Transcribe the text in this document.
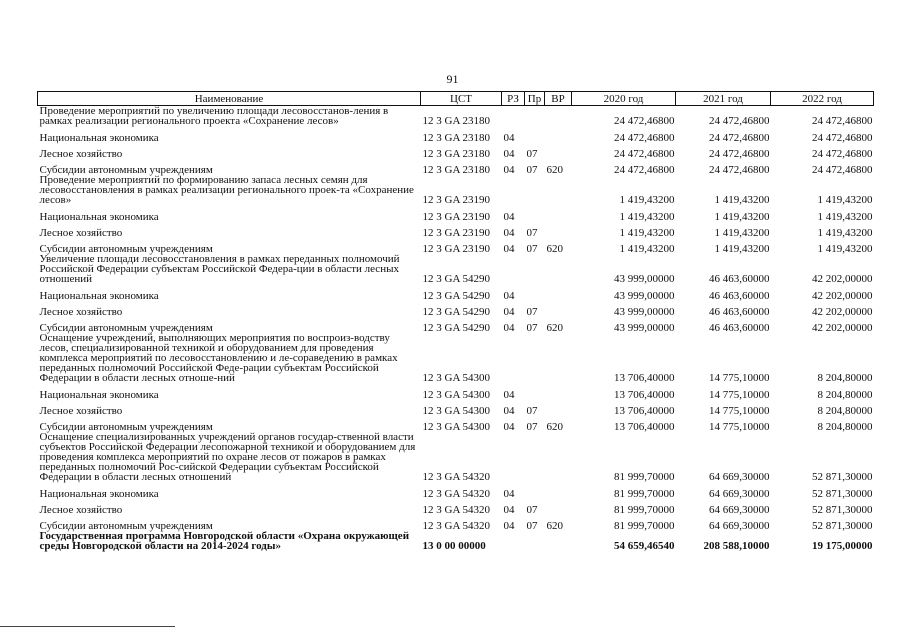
91
Наименование	ЦСТ	РЗ	Пр	ВР	2020 год	2021 год	2022 год
Проведение мероприятий по увеличению площади лесовосстанов-ления в рамках реализации регионального проекта «Сохранение лесов»	12 3 GA 23180				24 472,46800	24 472,46800	24 472,46800
Национальная экономика	12 3 GA 23180	04			24 472,46800	24 472,46800	24 472,46800
Лесное хозяйство	12 3 GA 23180	04	07		24 472,46800	24 472,46800	24 472,46800
Субсидии автономным учреждениям	12 3 GA 23180	04	07	620	24 472,46800	24 472,46800	24 472,46800
Проведение мероприятий по формированию запаса лесных семян для лесовосстановления в рамках реализации регионального проек-та «Сохранение лесов»	12 3 GA 23190				1 419,43200	1 419,43200	1 419,43200
Национальная экономика	12 3 GA 23190	04			1 419,43200	1 419,43200	1 419,43200
Лесное хозяйство	12 3 GA 23190	04	07		1 419,43200	1 419,43200	1 419,43200
Субсидии автономным учреждениям	12 3 GA 23190	04	07	620	1 419,43200	1 419,43200	1 419,43200
Увеличение площади лесовосстановления в рамках переданных полномочий Российской Федерации субъектам Российской Федера-ции в области лесных отношений	12 3 GA 54290				43 999,00000	46 463,60000	42 202,00000
Национальная экономика	12 3 GA 54290	04			43 999,00000	46 463,60000	42 202,00000
Лесное хозяйство	12 3 GA 54290	04	07		43 999,00000	46 463,60000	42 202,00000
Субсидии автономным учреждениям	12 3 GA 54290	04	07	620	43 999,00000	46 463,60000	42 202,00000
Оснащение учреждений, выполняющих мероприятия по воспроиз-водству лесов, специализированной техникой и оборудованием для проведения комплекса мероприятий по лесовосстановлению и ле-сораведению в рамках переданных полномочий Российской Феде-рации субъектам Российской Федерации в области лесных отноше-ний	12 3 GA 54300				13 706,40000	14 775,10000	8 204,80000
Национальная экономика	12 3 GA 54300	04			13 706,40000	14 775,10000	8 204,80000
Лесное хозяйство	12 3 GA 54300	04	07		13 706,40000	14 775,10000	8 204,80000
Субсидии автономным учреждениям	12 3 GA 54300	04	07	620	13 706,40000	14 775,10000	8 204,80000
Оснащение специализированных учреждений органов государ-ственной власти субъектов Российской Федерации лесопожарной техникой и оборудованием для проведения комплекса мероприятий по охране лесов от пожаров в рамках переданных полномочий Рос-сийской Федерации субъектам Российской Федерации в области лесных отношений	12 3 GA 54320				81 999,70000	64 669,30000	52 871,30000
Национальная экономика	12 3 GA 54320	04			81 999,70000	64 669,30000	52 871,30000
Лесное хозяйство	12 3 GA 54320	04	07		81 999,70000	64 669,30000	52 871,30000
Субсидии автономным учреждениям	12 3 GA 54320	04	07	620	81 999,70000	64 669,30000	52 871,30000
Государственная программа Новгородской области «Охрана окружающей среды Новгородской области на 2014-2024 годы»	13 0 00 00000				54 659,46540	208 588,10000	19 175,00000
